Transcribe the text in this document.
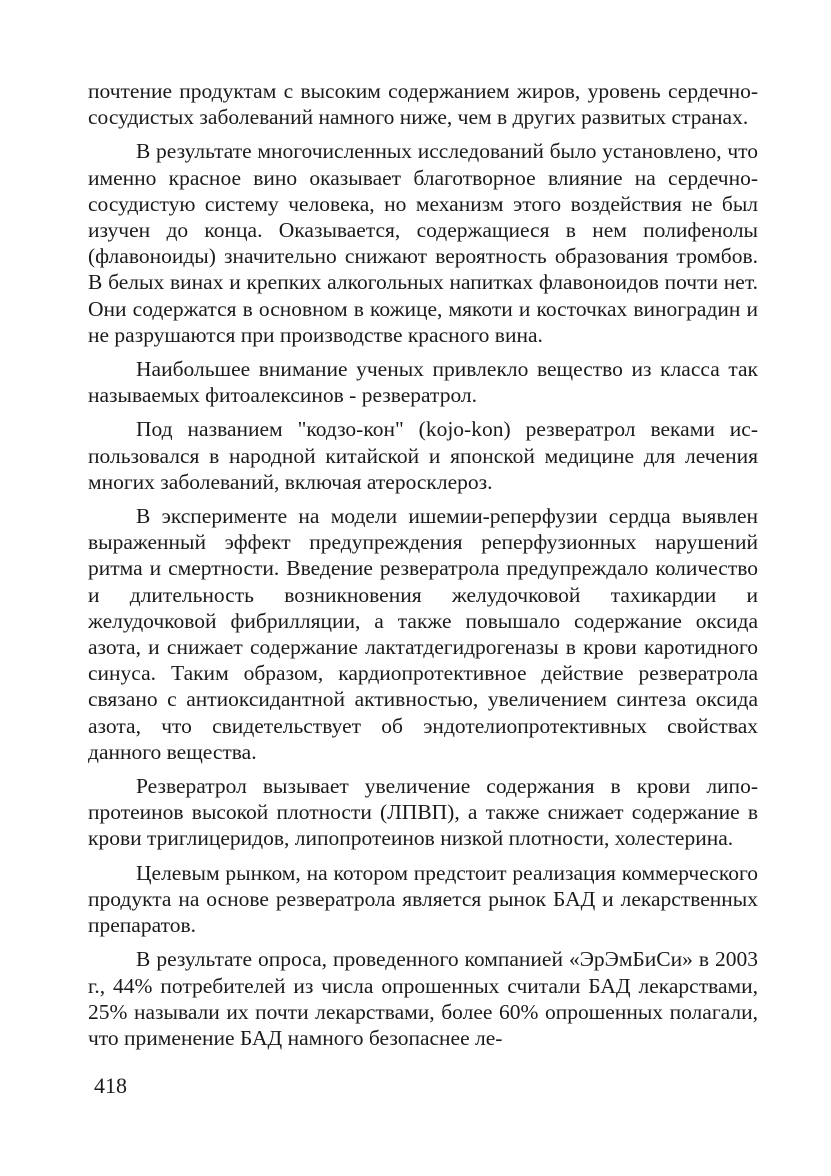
почтение продуктам с высоким содержанием жиров, уровень сердечно-сосудистых заболеваний намного ниже, чем в других развитых странах.

В результате многочисленных исследований было установлено, что именно красное вино оказывает благотворное влияние на сердечно-сосудистую систему человека, но механизм этого воздействия не был изучен до конца. Оказывается, содержащиеся в нем полифенолы (флавоноиды) значительно снижают вероятность образования тромбов. В белых винах и крепких алкогольных напитках флавоноидов почти нет. Они содержатся в основном в кожице, мякоти и косточках виноградин и не разрушаются при производстве красного вина.

Наибольшее внимание ученых привлекло вещество из класса так называемых фитоалексинов - резвератрол.

Под названием "кодзо-кон" (kojo-kon) резвератрол веками использовался в народной китайской и японской медицине для лечения многих заболеваний, включая атеросклероз.

В эксперименте на модели ишемии-реперфузии сердца выявлен выраженный эффект предупреждения реперфузионных нарушений ритма и смертности. Введение резвератрола предупреждало количество и длительность возникновения желудочковой тахикардии и желудочковой фибрилляции, а также повышало содержание оксида азота, и снижает содержание лактатдегидрогеназы в крови каротидного синуса. Таким образом, кардиопротективное действие резвератрола связано с антиоксидантной активностью, увеличением синтеза оксида азота, что свидетельствует об эндотелиопротективных свойствах данного вещества.

Резвератрол вызывает увеличение содержания в крови липопротеинов высокой плотности (ЛПВП), а также снижает содержание в крови триглицеридов, липопротеинов низкой плотности, холестерина.

Целевым рынком, на котором предстоит реализация коммерческого продукта на основе резвератрола является рынок БАД и лекарственных препаратов.

В результате опроса, проведенного компанией «ЭрЭмБиСи» в 2003 г., 44% потребителей из числа опрошенных считали БАД лекарствами, 25% называли их почти лекарствами, более 60% опрошенных полагали, что применение БАД намного безопаснее ле-

418
